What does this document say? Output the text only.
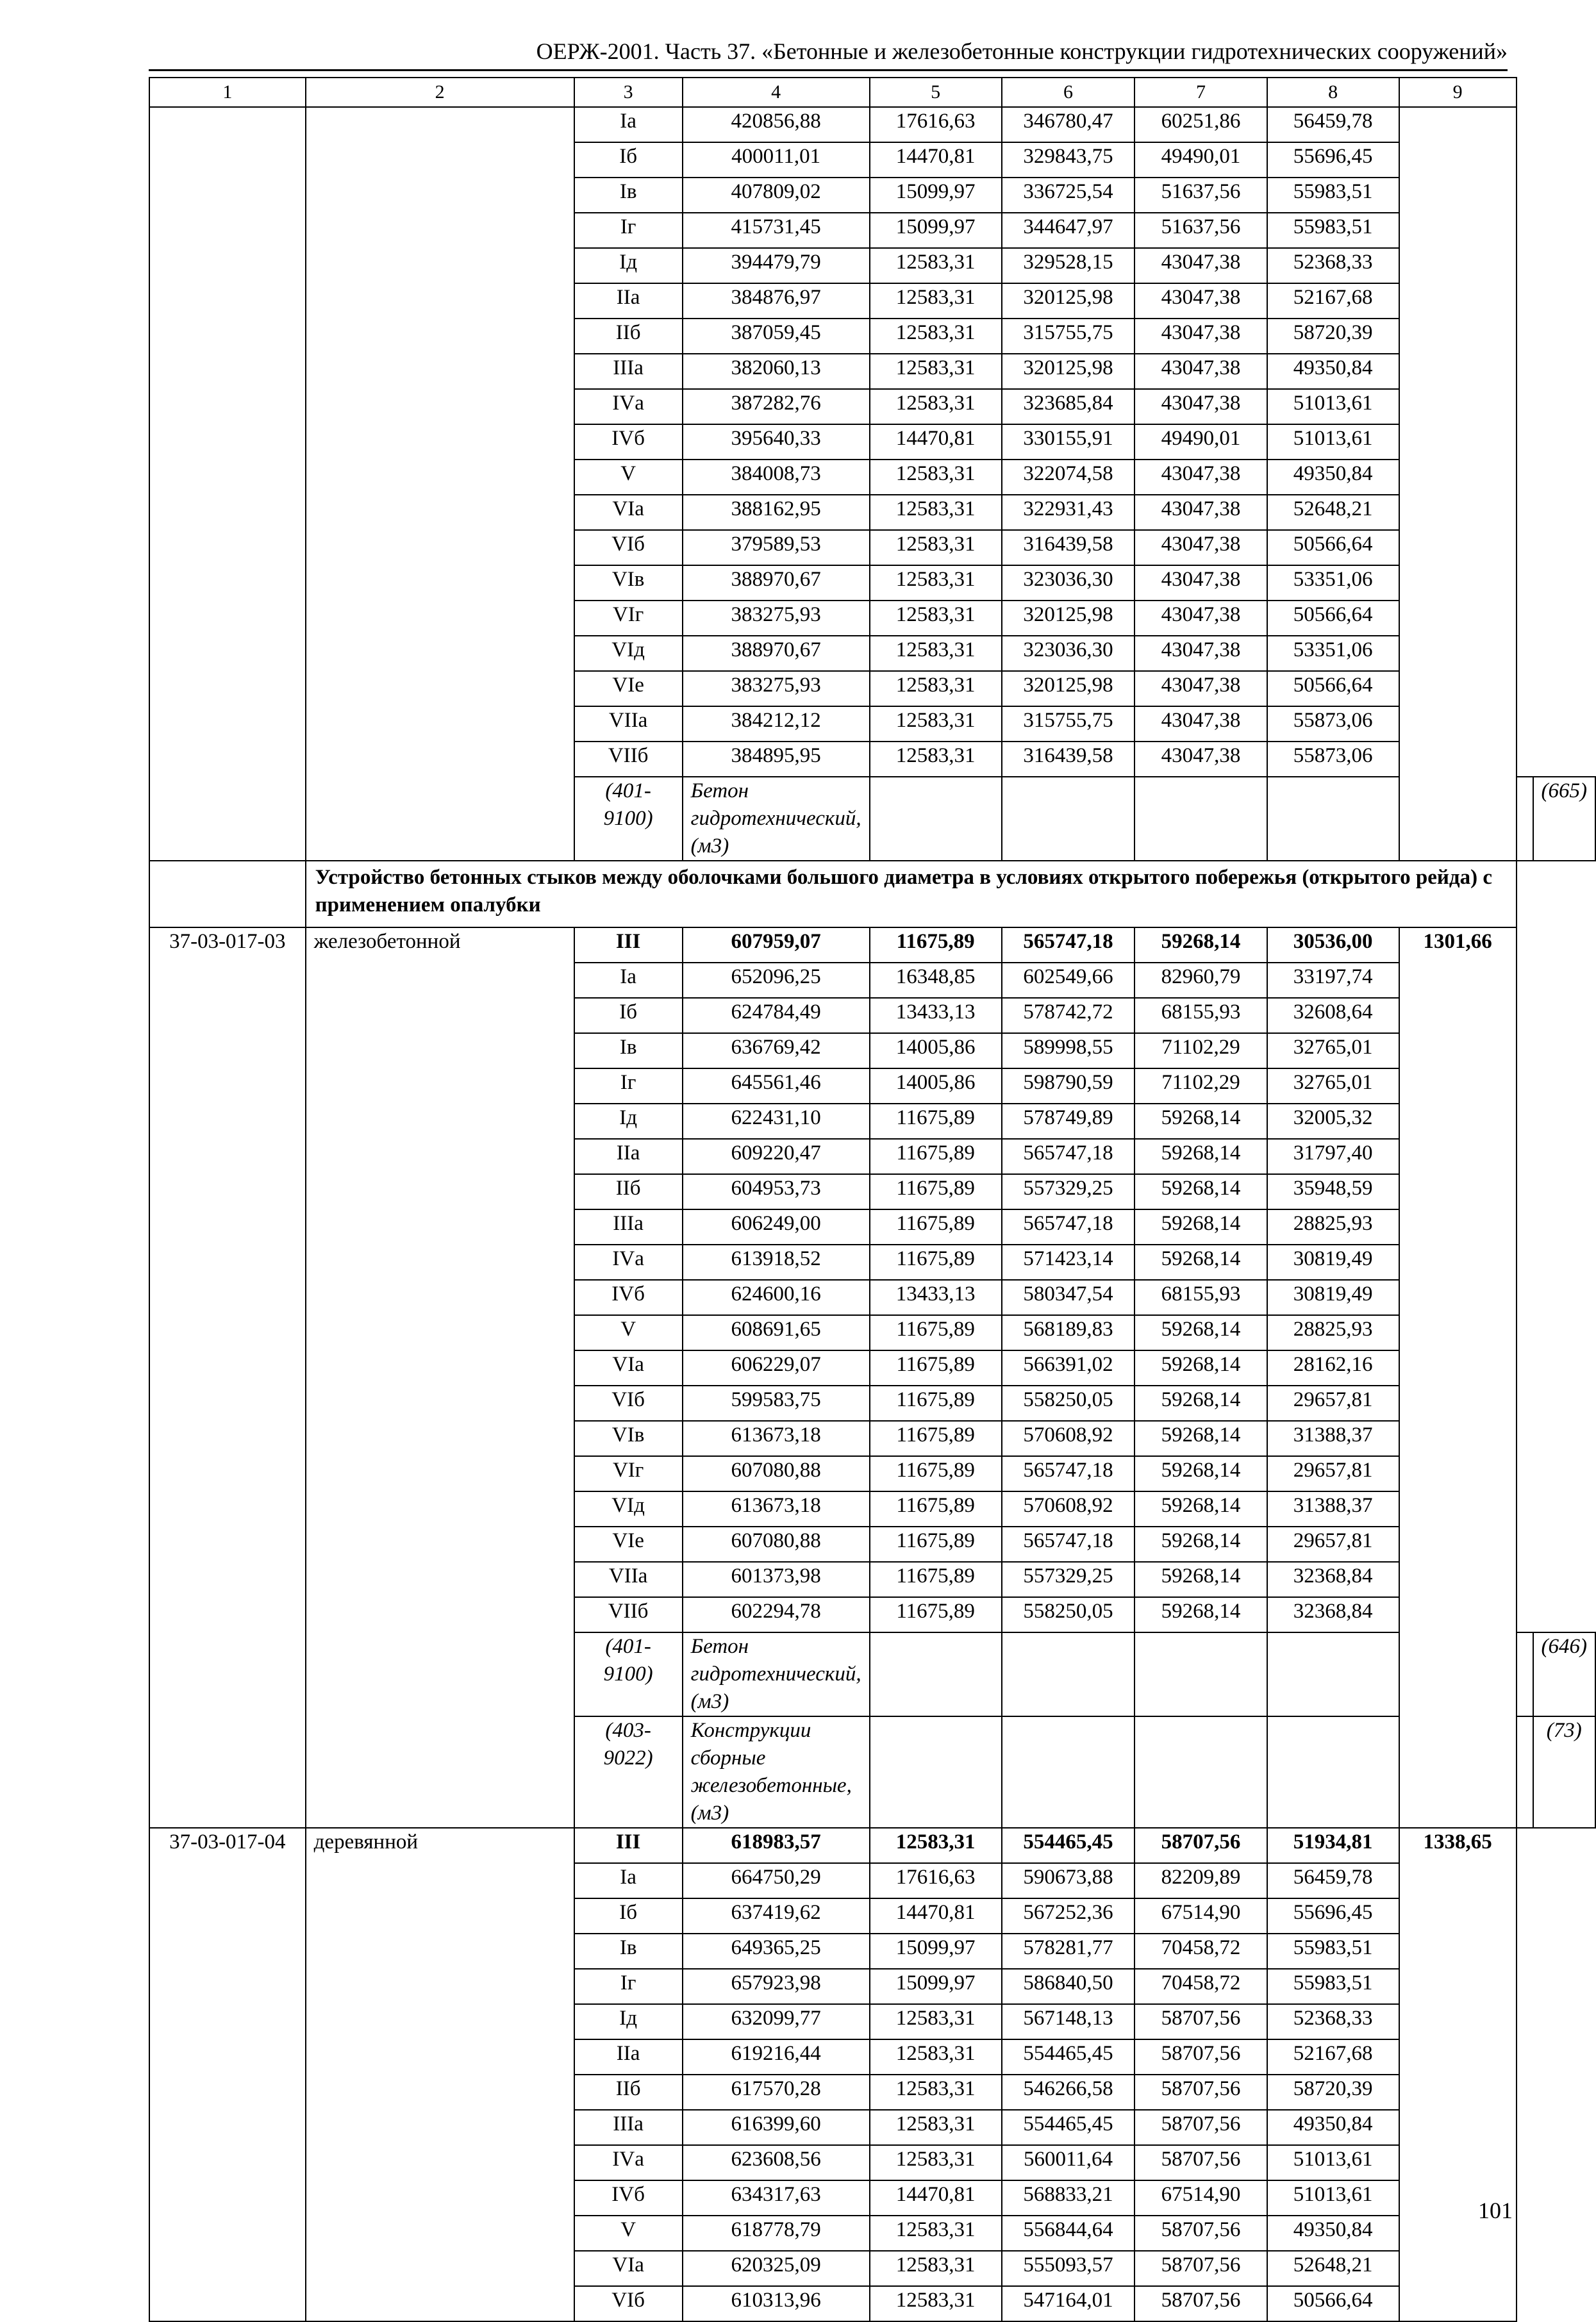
ОЕРЖ-2001. Часть 37. «Бетонные и железобетонные конструкции гидротехнических сооружений»
1	2	3	4	5	6	7	8	9		
		Iа	420856,88	17616,63	346780,47	60251,86	56459,78			
		Iб	400011,01	14470,81	329843,75	49490,01	55696,45			
		Iв	407809,02	15099,97	336725,54	51637,56	55983,51			
		Iг	415731,45	15099,97	344647,97	51637,56	55983,51			
		Iд	394479,79	12583,31	329528,15	43047,38	52368,33			
		IIа	384876,97	12583,31	320125,98	43047,38	52167,68			
		IIб	387059,45	12583,31	315755,75	43047,38	58720,39			
		IIIа	382060,13	12583,31	320125,98	43047,38	49350,84			
		IVа	387282,76	12583,31	323685,84	43047,38	51013,61			
		IVб	395640,33	14470,81	330155,91	49490,01	51013,61			
		V	384008,73	12583,31	322074,58	43047,38	49350,84			
		VIа	388162,95	12583,31	322931,43	43047,38	52648,21			
		VIб	379589,53	12583,31	316439,58	43047,38	50566,64			
		VIв	388970,67	12583,31	323036,30	43047,38	53351,06			
		VIг	383275,93	12583,31	320125,98	43047,38	50566,64			
		VIд	388970,67	12583,31	323036,30	43047,38	53351,06			
		VIе	383275,93	12583,31	320125,98	43047,38	50566,64			
		VIIа	384212,12	12583,31	315755,75	43047,38	55873,06			
		VIIб	384895,95	12583,31	316439,58	43047,38	55873,06			
		(401-9100)	Бетон гидротехнический, (м3)							(665)
	Устройство бетонных стыков между оболочками большого диаметра в условиях открытого побережья (открытого рейда) с применением опалубки									
37-03-017-03	железобетонной	III	607959,07	11675,89	565747,18	59268,14	30536,00	1301,66		
		Iа	652096,25	16348,85	602549,66	82960,79	33197,74			
		Iб	624784,49	13433,13	578742,72	68155,93	32608,64			
		Iв	636769,42	14005,86	589998,55	71102,29	32765,01			
		Iг	645561,46	14005,86	598790,59	71102,29	32765,01			
		Iд	622431,10	11675,89	578749,89	59268,14	32005,32			
		IIа	609220,47	11675,89	565747,18	59268,14	31797,40			
		IIб	604953,73	11675,89	557329,25	59268,14	35948,59			
		IIIа	606249,00	11675,89	565747,18	59268,14	28825,93			
		IVа	613918,52	11675,89	571423,14	59268,14	30819,49			
		IVб	624600,16	13433,13	580347,54	68155,93	30819,49			
		V	608691,65	11675,89	568189,83	59268,14	28825,93			
		VIа	606229,07	11675,89	566391,02	59268,14	28162,16			
		VIб	599583,75	11675,89	558250,05	59268,14	29657,81			
		VIв	613673,18	11675,89	570608,92	59268,14	31388,37			
		VIг	607080,88	11675,89	565747,18	59268,14	29657,81			
		VIд	613673,18	11675,89	570608,92	59268,14	31388,37			
		VIе	607080,88	11675,89	565747,18	59268,14	29657,81			
		VIIа	601373,98	11675,89	557329,25	59268,14	32368,84			
		VIIб	602294,78	11675,89	558250,05	59268,14	32368,84			
		(401-9100)	Бетон гидротехнический, (м3)							(646)
		(403-9022)	Конструкции сборные железобетонные, (м3)							(73)
37-03-017-04	деревянной	III	618983,57	12583,31	554465,45	58707,56	51934,81	1338,65		
		Iа	664750,29	17616,63	590673,88	82209,89	56459,78			
		Iб	637419,62	14470,81	567252,36	67514,90	55696,45			
		Iв	649365,25	15099,97	578281,77	70458,72	55983,51			
		Iг	657923,98	15099,97	586840,50	70458,72	55983,51			
		Iд	632099,77	12583,31	567148,13	58707,56	52368,33			
		IIа	619216,44	12583,31	554465,45	58707,56	52167,68			
		IIб	617570,28	12583,31	546266,58	58707,56	58720,39			
		IIIа	616399,60	12583,31	554465,45	58707,56	49350,84			
		IVа	623608,56	12583,31	560011,64	58707,56	51013,61			
		IVб	634317,63	14470,81	568833,21	67514,90	51013,61			
		V	618778,79	12583,31	556844,64	58707,56	49350,84			
		VIа	620325,09	12583,31	555093,57	58707,56	52648,21			
		VIб	610313,96	12583,31	547164,01	58707,56	50566,64			
101
